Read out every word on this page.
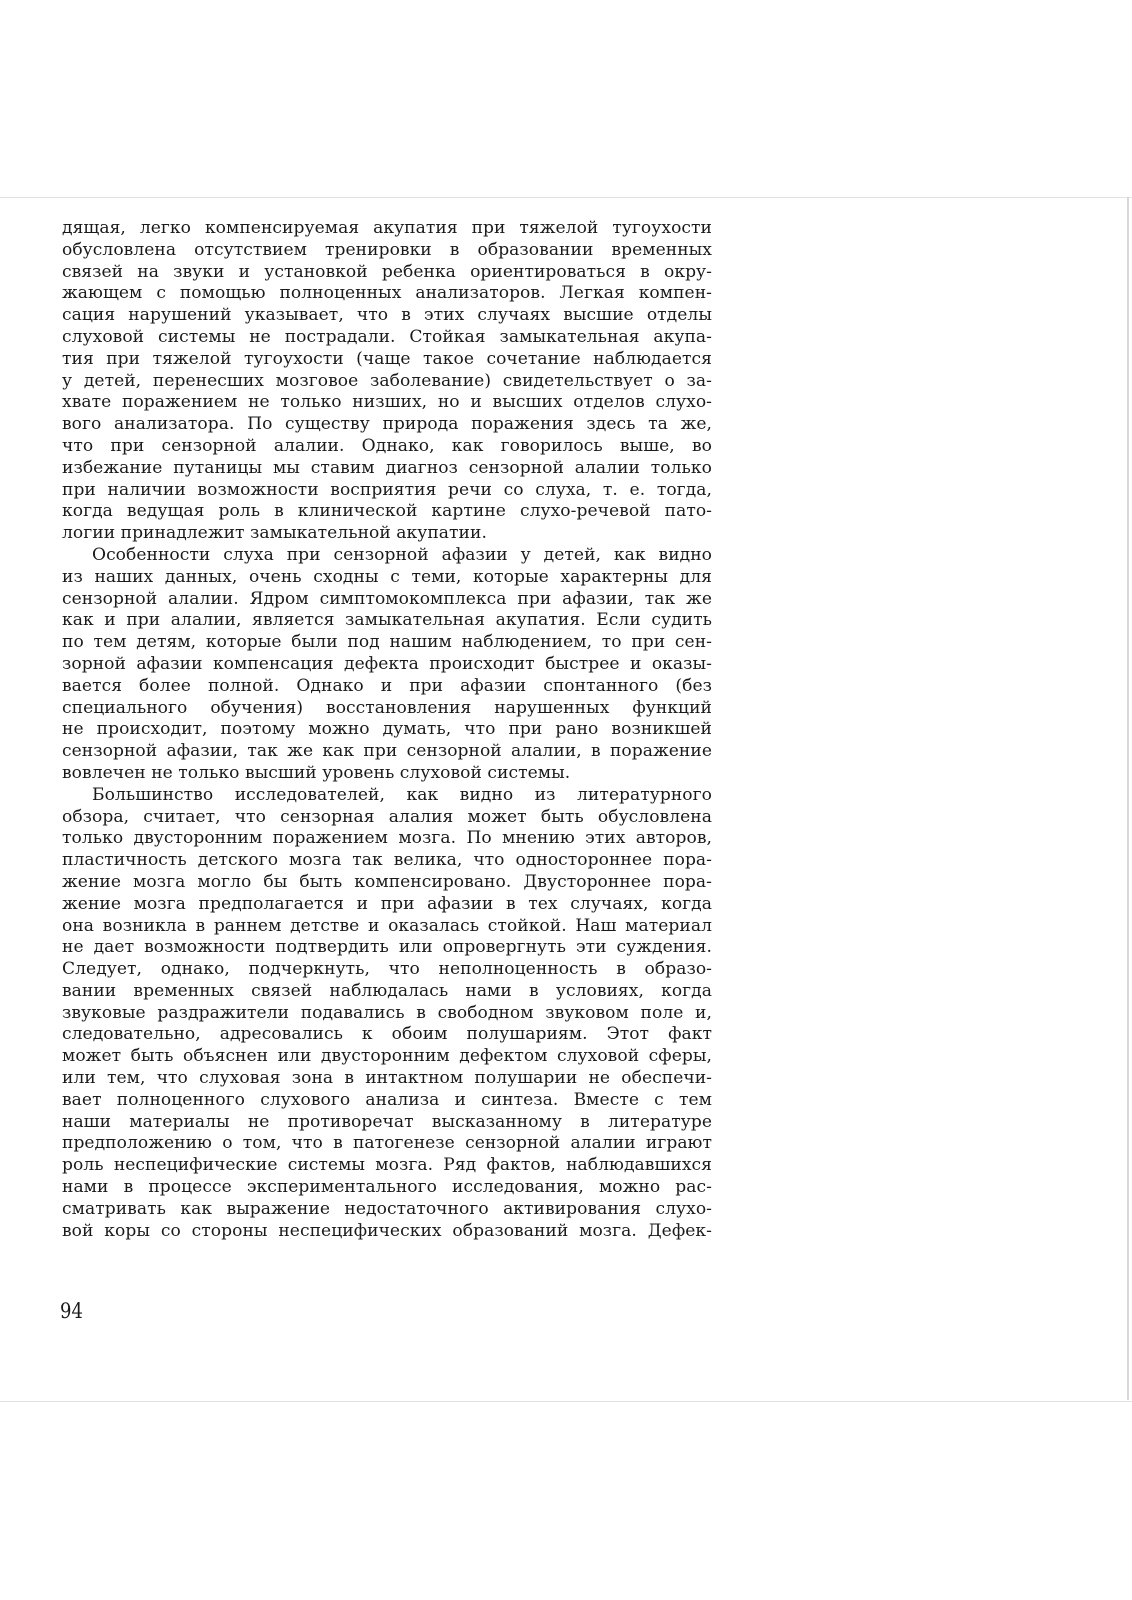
дящая, легко компенсируемая акупатия при тяжелой тугоухости

обусловлена отсутствием тренировки в образовании временных

связей на звуки и установкой ребенка ориентироваться в окру-

жающем с помощью полноценных анализаторов. Легкая компен-

сация нарушений указывает, что в этих случаях высшие отделы

слуховой системы не пострадали. Стойкая замыкательная акупа-

тия при тяжелой тугоухости (чаще такое сочетание наблюдается

у детей, перенесших мозговое заболевание) свидетельствует о за-

хвате поражением не только низших, но и высших отделов слухо-

вого анализатора. По существу природа поражения здесь та же,

что при сензорной алалии. Однако, как говорилось выше, во

избежание путаницы мы ставим диагноз сензорной алалии только

при наличии возможности восприятия речи со слуха, т. е. тогда,

когда ведущая роль в клинической картине слухо-речевой пато-

логии принадлежит замыкательной акупатии.

Особенности слуха при сензорной афазии у детей, как видно

из наших данных, очень сходны с теми, которые характерны для

сензорной алалии. Ядром симптомокомплекса при афазии, так же

как и при алалии, является замыкательная акупатия. Если судить

по тем детям, которые были под нашим наблюдением, то при сен-

зорной афазии компенсация дефекта происходит быстрее и оказы-

вается более полной. Однако и при афазии спонтанного (без

специального обучения) восстановления нарушенных функций

не происходит, поэтому можно думать, что при рано возникшей

сензорной афазии, так же как при сензорной алалии, в поражение

вовлечен не только высший уровень слуховой системы.

Большинство исследователей, как видно из литературного

обзора, считает, что сензорная алалия может быть обусловлена

только двусторонним поражением мозга. По мнению этих авторов,

пластичность детского мозга так велика, что одностороннее пора-

жение мозга могло бы быть компенсировано. Двустороннее пора-

жение мозга предполагается и при афазии в тех случаях, когда

она возникла в раннем детстве и оказалась стойкой. Наш материал

не дает возможности подтвердить или опровергнуть эти суждения.

Следует, однако, подчеркнуть, что неполноценность в образо-

вании временных связей наблюдалась нами в условиях, когда

звуковые раздражители подавались в свободном звуковом поле и,

следовательно, адресовались к обоим полушариям. Этот факт

может быть объяснен или двусторонним дефектом слуховой сферы,

или тем, что слуховая зона в интактном полушарии не обеспечи-

вает полноценного слухового анализа и синтеза. Вместе с тем

наши материалы не противоречат высказанному в литературе

предположению о том, что в патогенезе сензорной алалии играют

роль неспецифические системы мозга. Ряд фактов, наблюдавшихся

нами в процессе экспериментального исследования, можно рас-

сматривать как выражение недостаточного активирования слухо-

вой коры со стороны неспецифических образований мозга. Дефек-

94
